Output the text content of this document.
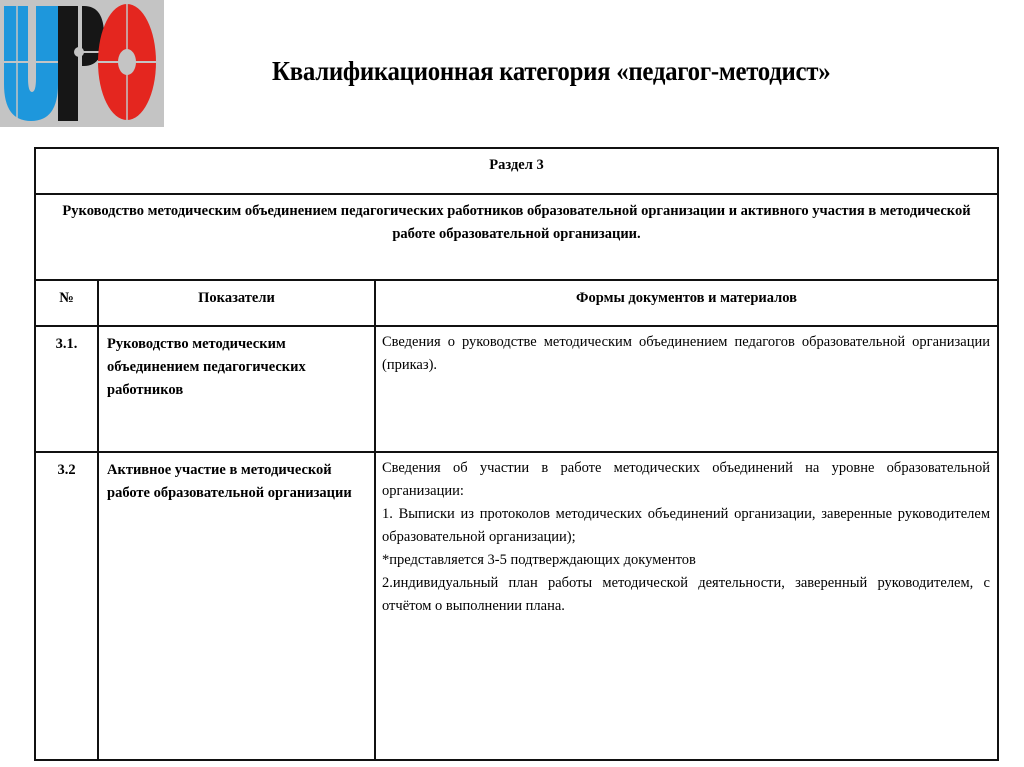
Квалификационная категория «педагог-методист»
Раздел 3		
Руководство методическим объединением педагогических работников образовательной организации и активного участия в методической работе образовательной организации.		
№	Показатели	Формы документов и материалов
3.1.	Руководство методическим объединением педагогических работников	Сведения о руководстве методическим объединением педагогов образовательной организации (приказ).

3.2	Активное участие в методической работе образовательной организации	Сведения об участии в работе методических объединений на уровне образовательной организации:

1. Выписки из протоколов методических объединений организации, заверенные руководителем образовательной организации);

*представляется 3-5 подтверждающих документов

2.индивидуальный план работы методической деятельности, заверенный руководителем, с отчётом о выполнении плана.
